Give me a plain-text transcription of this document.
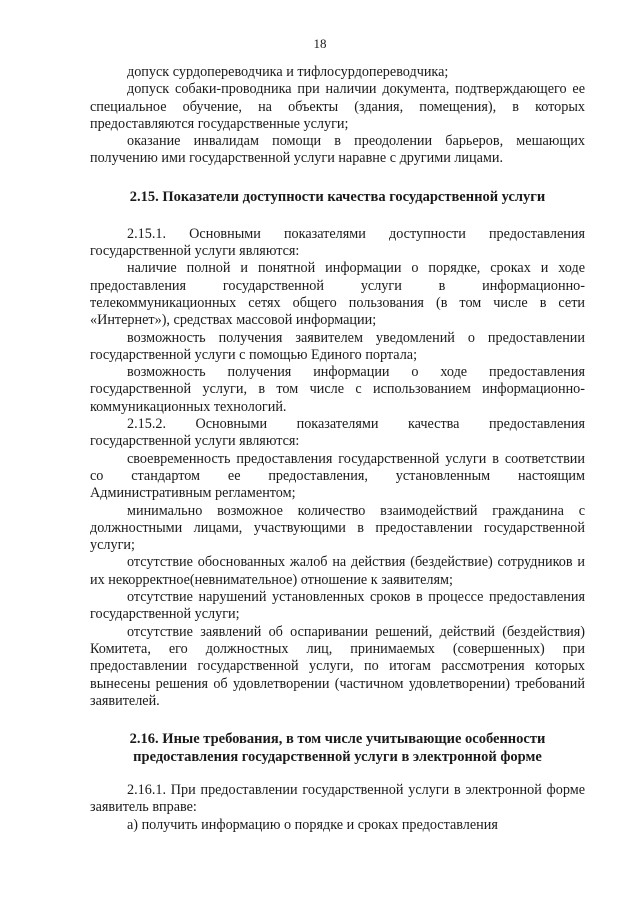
18

допуск сурдопереводчика и тифлосурдопереводчика;

допуск собаки-проводника при наличии документа, подтверждающего ее специальное обучение, на объекты (здания, помещения), в которых предоставляются государственные услуги;

оказание инвалидам помощи в преодолении барьеров, мешающих получению ими государственной услуги наравне с другими лицами.

2.15. Показатели доступности качества государственной услуги

2.15.1. Основными показателями доступности предоставления государственной услуги являются:

наличие полной и понятной информации о порядке, сроках и ходе предоставления государственной услуги в информационно-телекоммуникационных сетях общего пользования (в том числе в сети «Интернет»), средствах массовой информации;

возможность получения заявителем уведомлений о предоставлении государственной услуги с помощью Единого портала;

возможность получения информации о ходе предоставления государственной услуги, в том числе с использованием информационно-коммуникационных технологий.

2.15.2. Основными показателями качества предоставления государственной услуги являются:

своевременность предоставления государственной услуги в соответствии со стандартом ее предоставления, установленным настоящим Административным регламентом;

минимально возможное количество взаимодействий гражданина с должностными лицами, участвующими в предоставлении государственной услуги;

отсутствие обоснованных жалоб на действия (бездействие) сотрудников и их некорректное(невнимательное) отношение к заявителям;

отсутствие нарушений установленных сроков в процессе предоставления государственной услуги;

отсутствие заявлений об оспаривании решений, действий (бездействия) Комитета, его должностных лиц, принимаемых (совершенных) при предоставлении государственной услуги, по итогам рассмотрения которых вынесены решения об удовлетворении (частичном удовлетворении) требований заявителей.

2.16. Иные требования, в том числе учитывающие особенности предоставления государственной услуги в электронной форме

2.16.1. При предоставлении государственной услуги в электронной форме заявитель вправе:

а) получить информацию о порядке и сроках предоставления
